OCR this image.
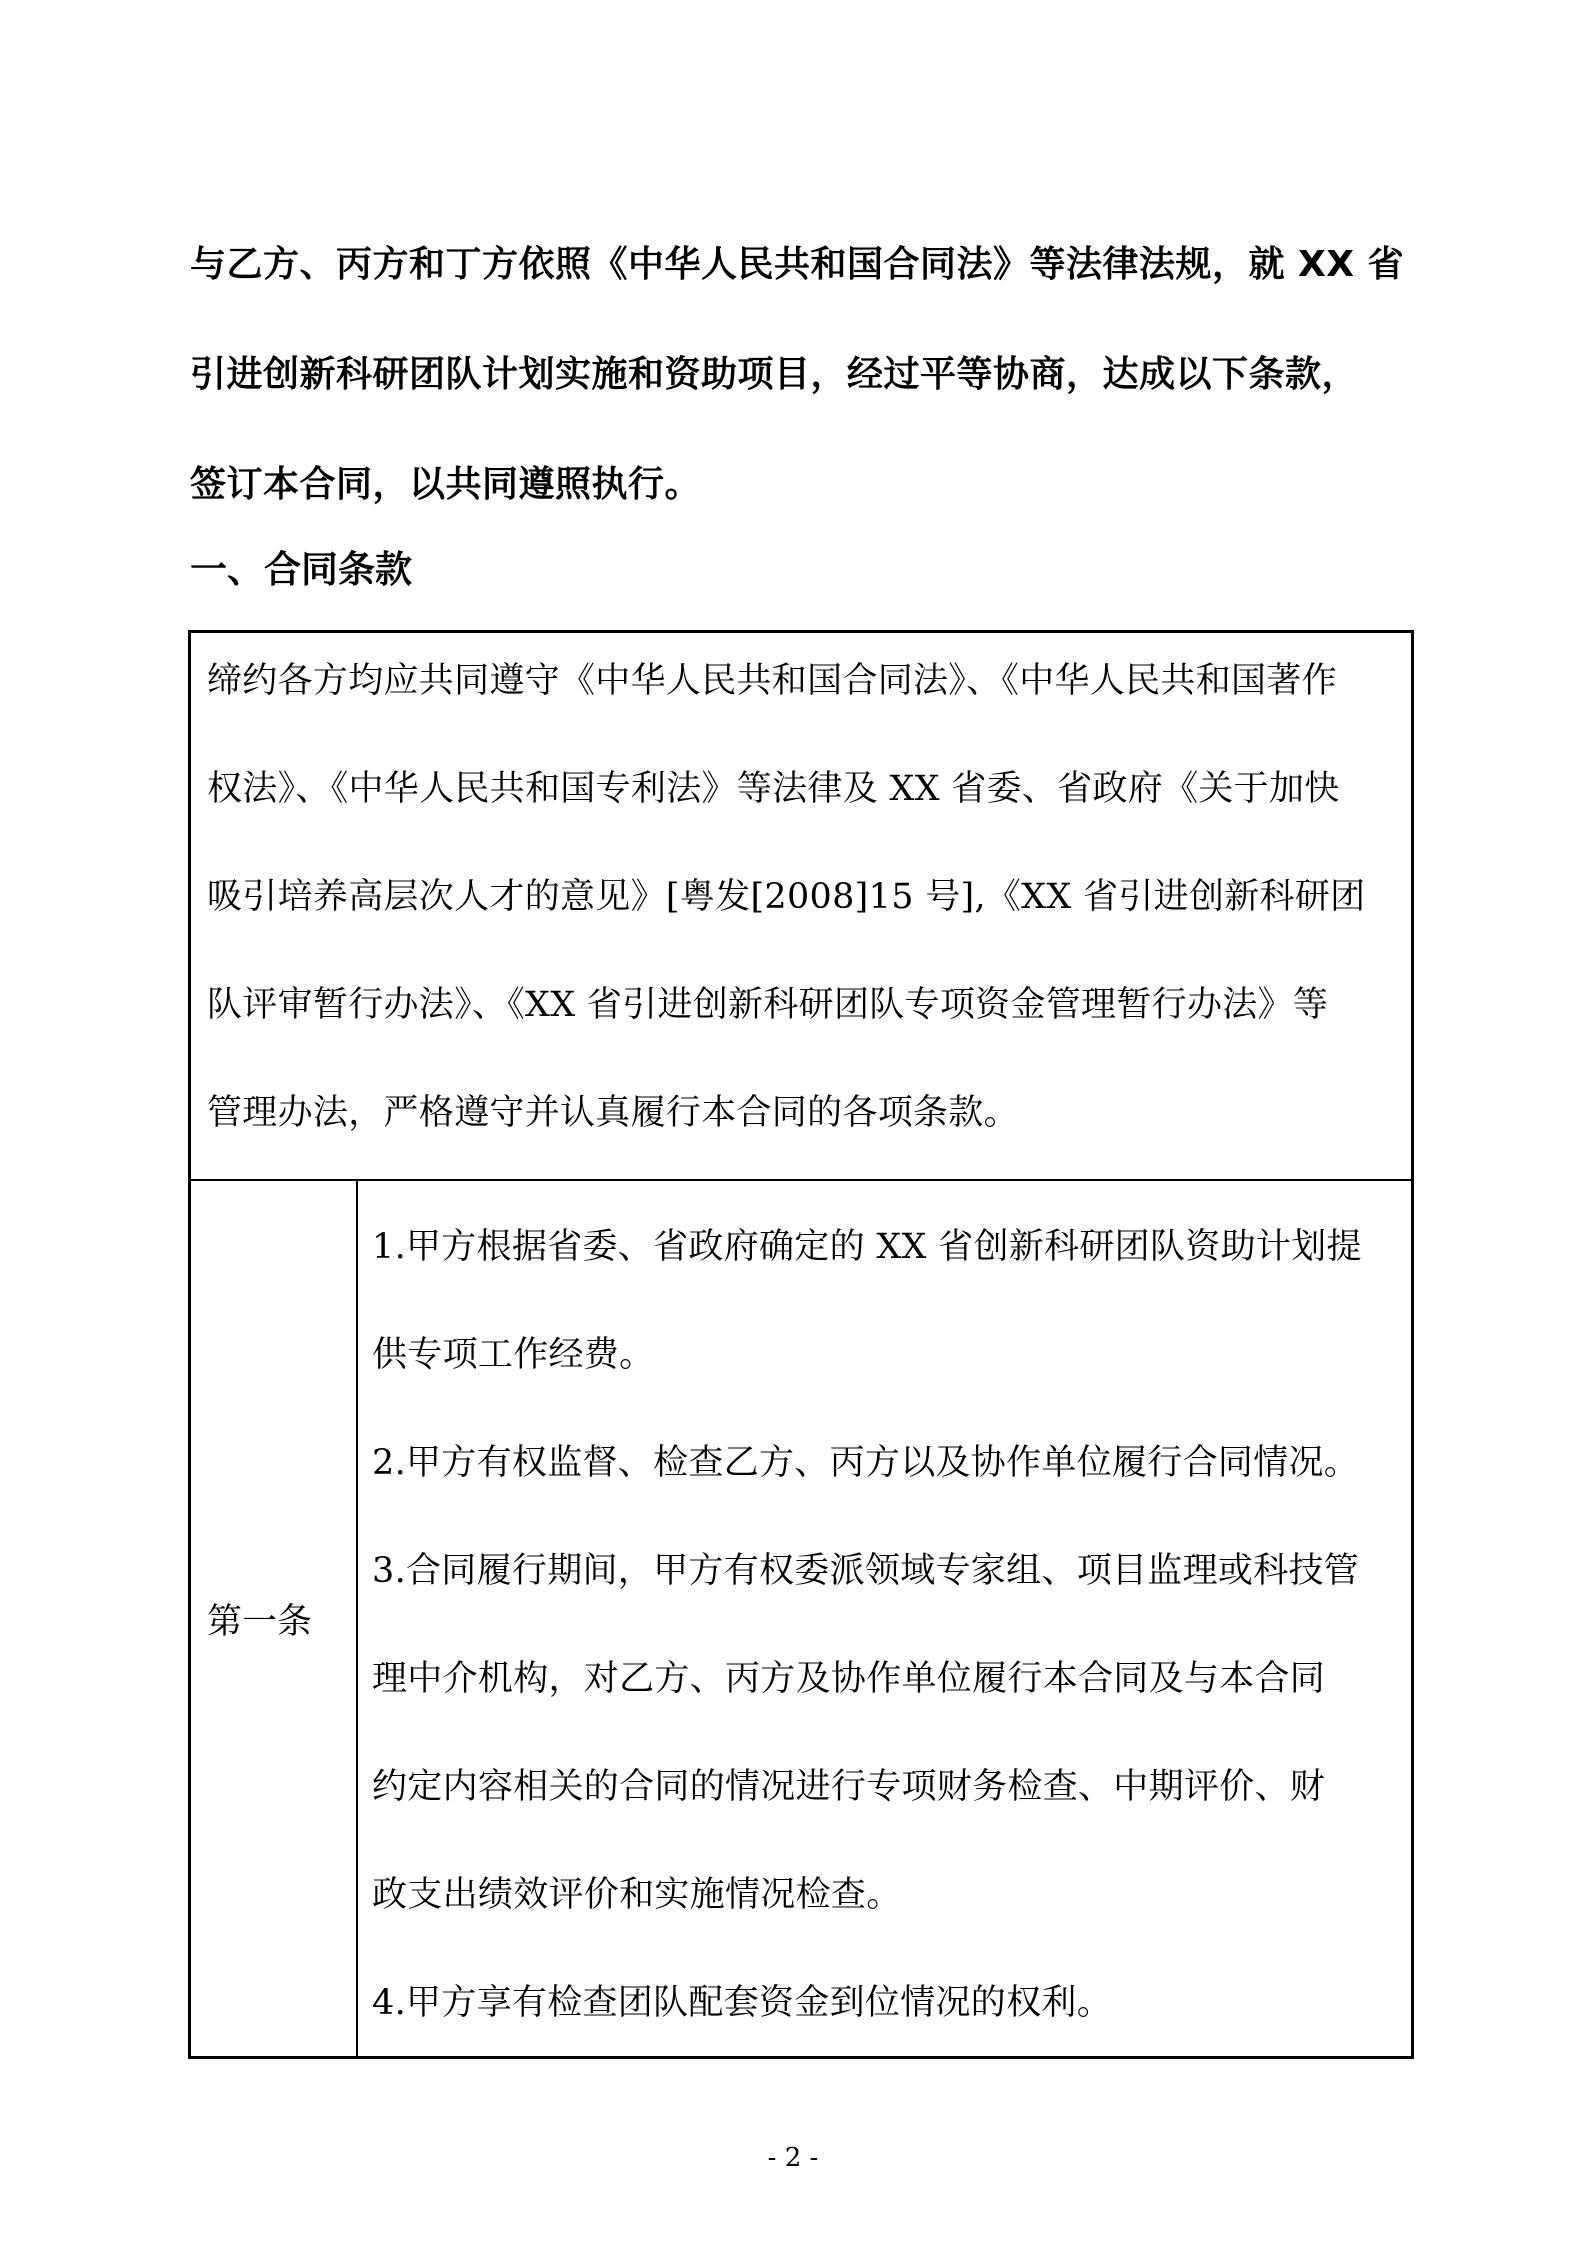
与乙方、丙方和丁方依照《中华人民共和国合同法》等法律法规，就 XX 省
引进创新科研团队计划实施和资助项目，经过平等协商，达成以下条款，
签订本合同，以共同遵照执行。
一、合同条款
缔约各方均应共同遵守《中华人民共和国合同法》、《中华人民共和国著作
权法》、《中华人民共和国专利法》等法律及 XX 省委、省政府《关于加快
吸引培养高层次人才的意见》[粤发[2008]15 号],《XX 省引进创新科研团
队评审暂行办法》、《XX 省引进创新科研团队专项资金管理暂行办法》等
管理办法，严格遵守并认真履行本合同的各项条款。
第一条
1.甲方根据省委、省政府确定的 XX 省创新科研团队资助计划提
供专项工作经费。
2.甲方有权监督、检查乙方、丙方以及协作单位履行合同情况。
3.合同履行期间，甲方有权委派领域专家组、项目监理或科技管
理中介机构，对乙方、丙方及协作单位履行本合同及与本合同
约定内容相关的合同的情况进行专项财务检查、中期评价、财
政支出绩效评价和实施情况检查。
4.甲方享有检查团队配套资金到位情况的权利。
- 2 -
